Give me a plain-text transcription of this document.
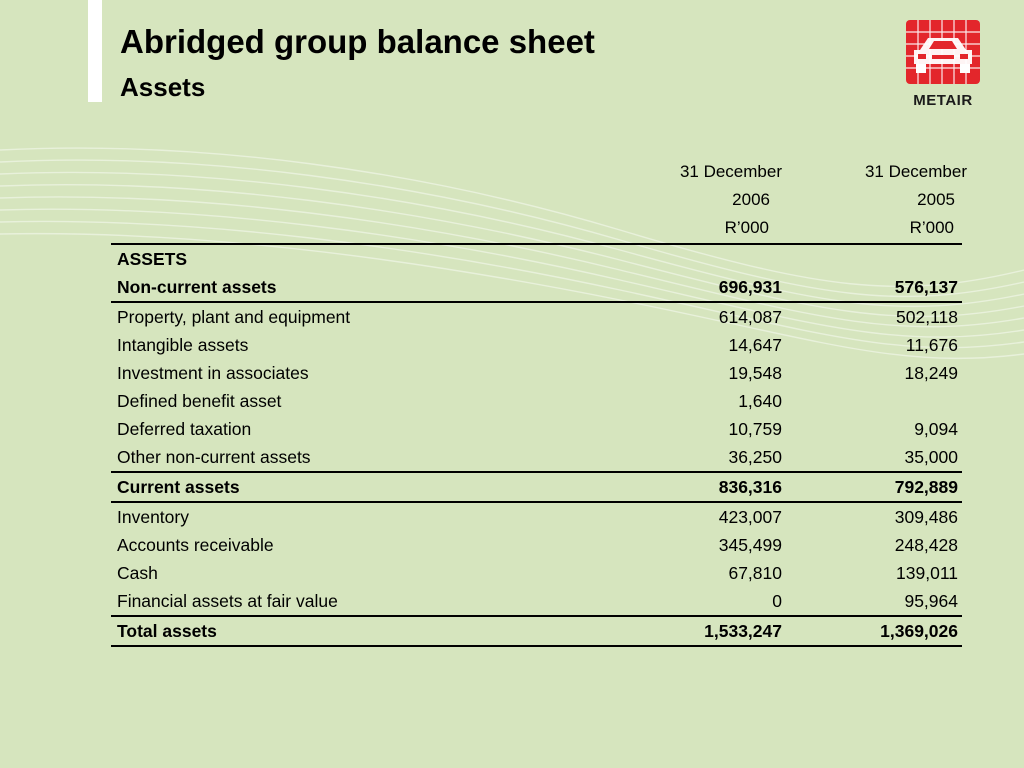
Abridged group balance sheet
Assets	METAIR
31 December
2006
R’000
31 December
2005
R’000
ASSETS		
Non-current assets	696,931	576,137
Property, plant and equipment	614,087	502,118
Intangible assets	14,647	11,676
Investment in associates	19,548	18,249
Defined benefit asset	1,640	
Deferred taxation	10,759	9,094
Other non-current assets	36,250	35,000
Current assets	836,316	792,889
Inventory	423,007	309,486
Accounts receivable	345,499	248,428
Cash	67,810	139,011
Financial assets at fair value	0	95,964
Total assets	1,533,247	1,369,026
